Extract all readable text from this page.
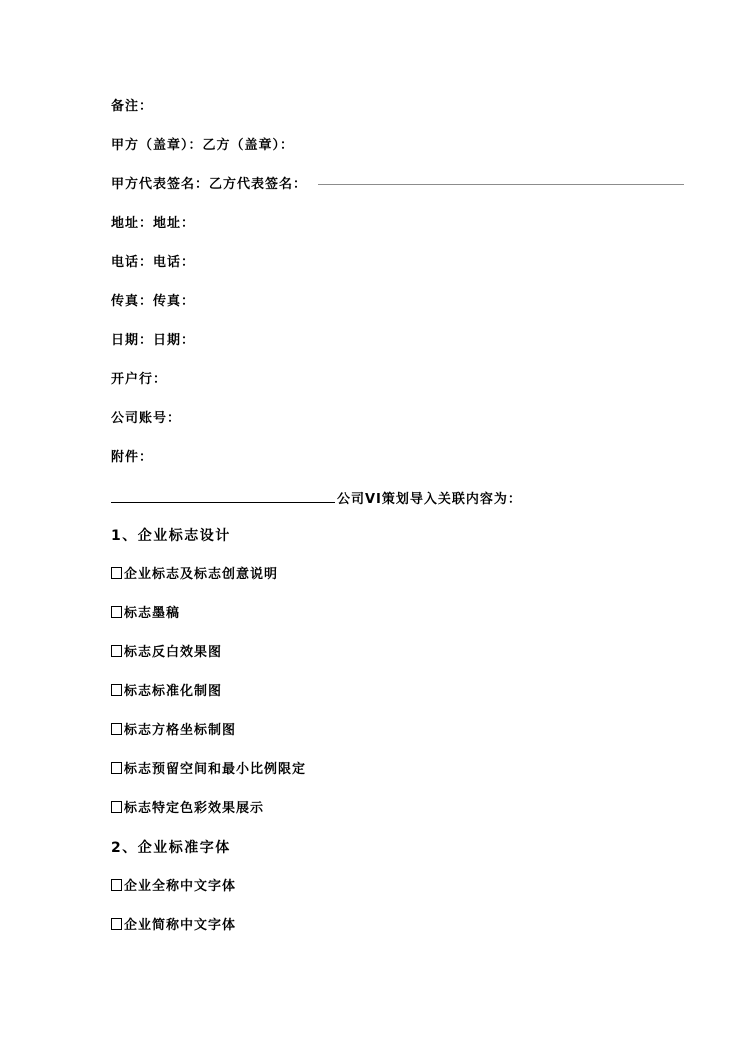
备注：
甲方（盖章）：乙方（盖章）：
甲方代表签名：乙方代表签名：
地址：地址：
电话：电话：
传真：传真：
日期：日期：
开户行：
公司账号：
附件：
公司VI策划导入关联内容为：
1、企业标志设计
企业标志及标志创意说明
标志墨稿
标志反白效果图
标志标准化制图
标志方格坐标制图
标志预留空间和最小比例限定
标志特定色彩效果展示
2、企业标准字体
企业全称中文字体
企业简称中文字体
